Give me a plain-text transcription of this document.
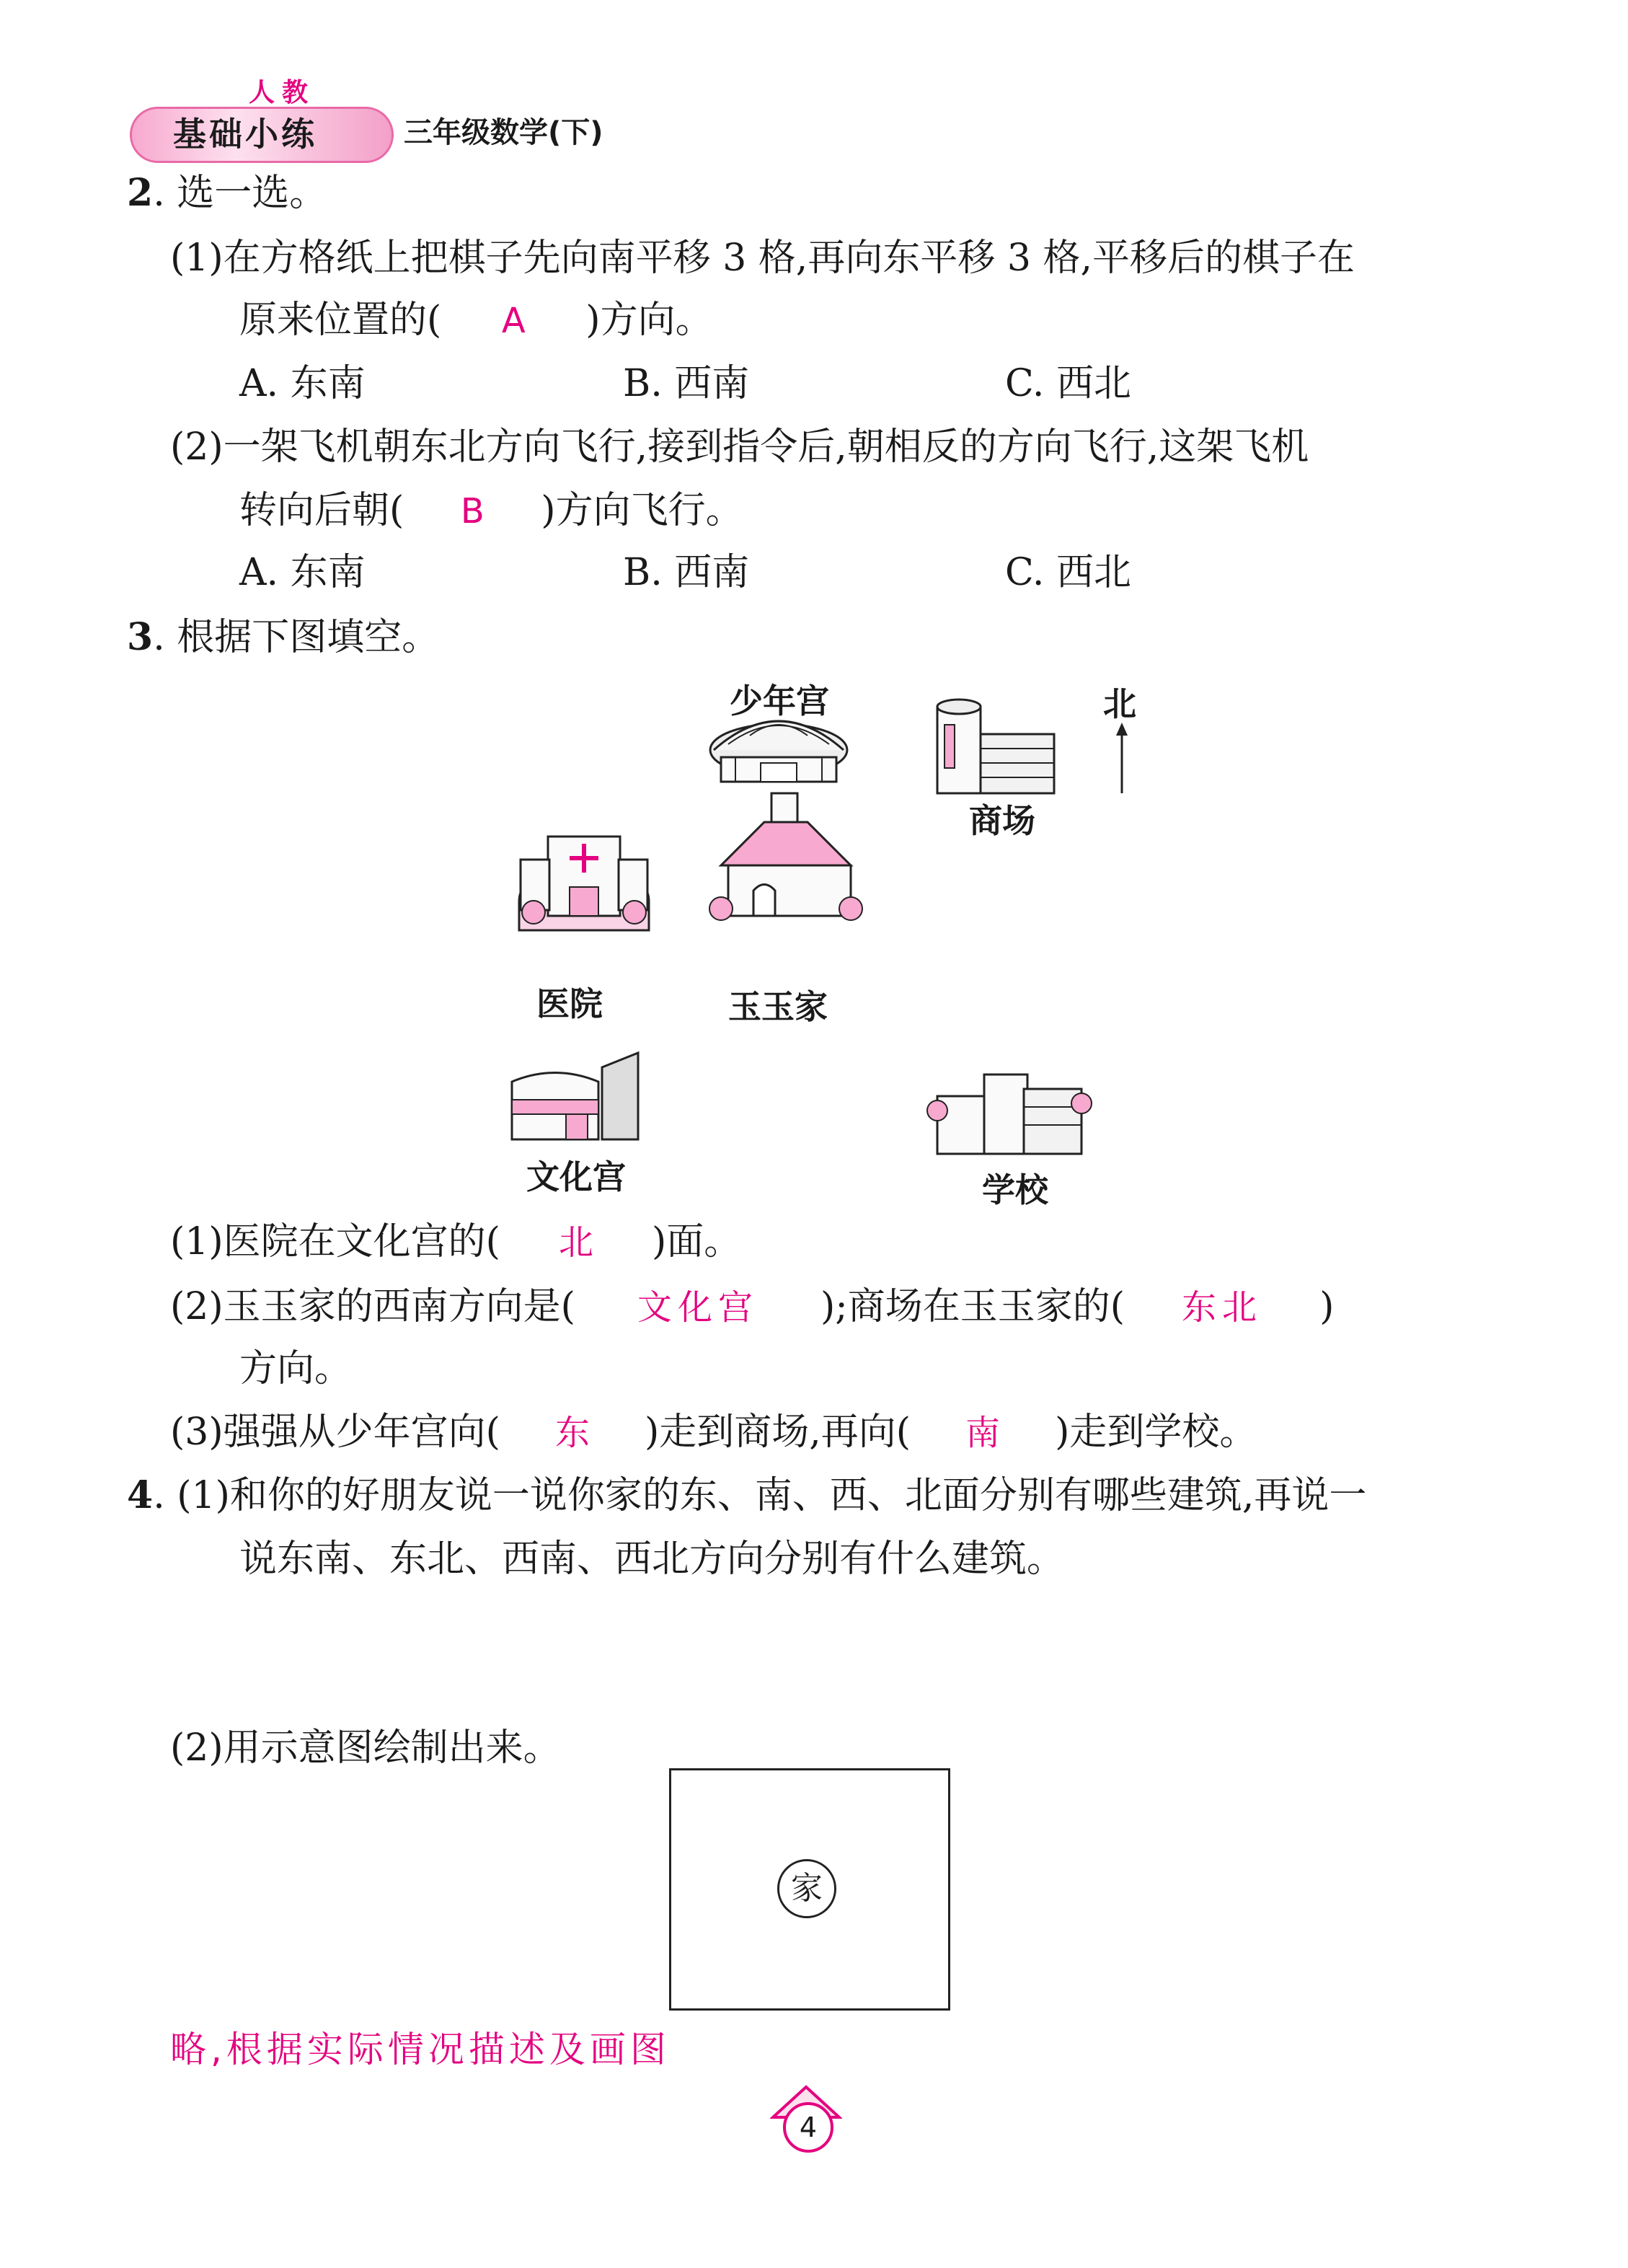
人教
基础小练	三年级数学(下)
2. 选一选。
(1)在方格纸上把棋子先向南平移 3 格,再向东平移 3 格,平移后的棋子在
原来位置的( A )方向。
A. 东南	B. 西南	C. 西北
(2)一架飞机朝东北方向飞行,接到指令后,朝相反的方向飞行,这架飞机
转向后朝( B )方向飞行。
A. 东南	B. 西南	C. 西北
3. 根据下图填空。
少年宫
商场
北
医院	玉玉家
文化宫	学校
(1)医院在文化宫的( 北 )面。
(2)玉玉家的西南方向是( 文化宫 );商场在玉玉家的( 东北 )
方向。
(3)强强从少年宫向( 东 )走到商场,再向( 南 )走到学校。
4. (1)和你的好朋友说一说你家的东、南、西、北面分别有哪些建筑,再说一
说东南、东北、西南、西北方向分别有什么建筑。
(2)用示意图绘制出来。
家
略,根据实际情况描述及画图
4
